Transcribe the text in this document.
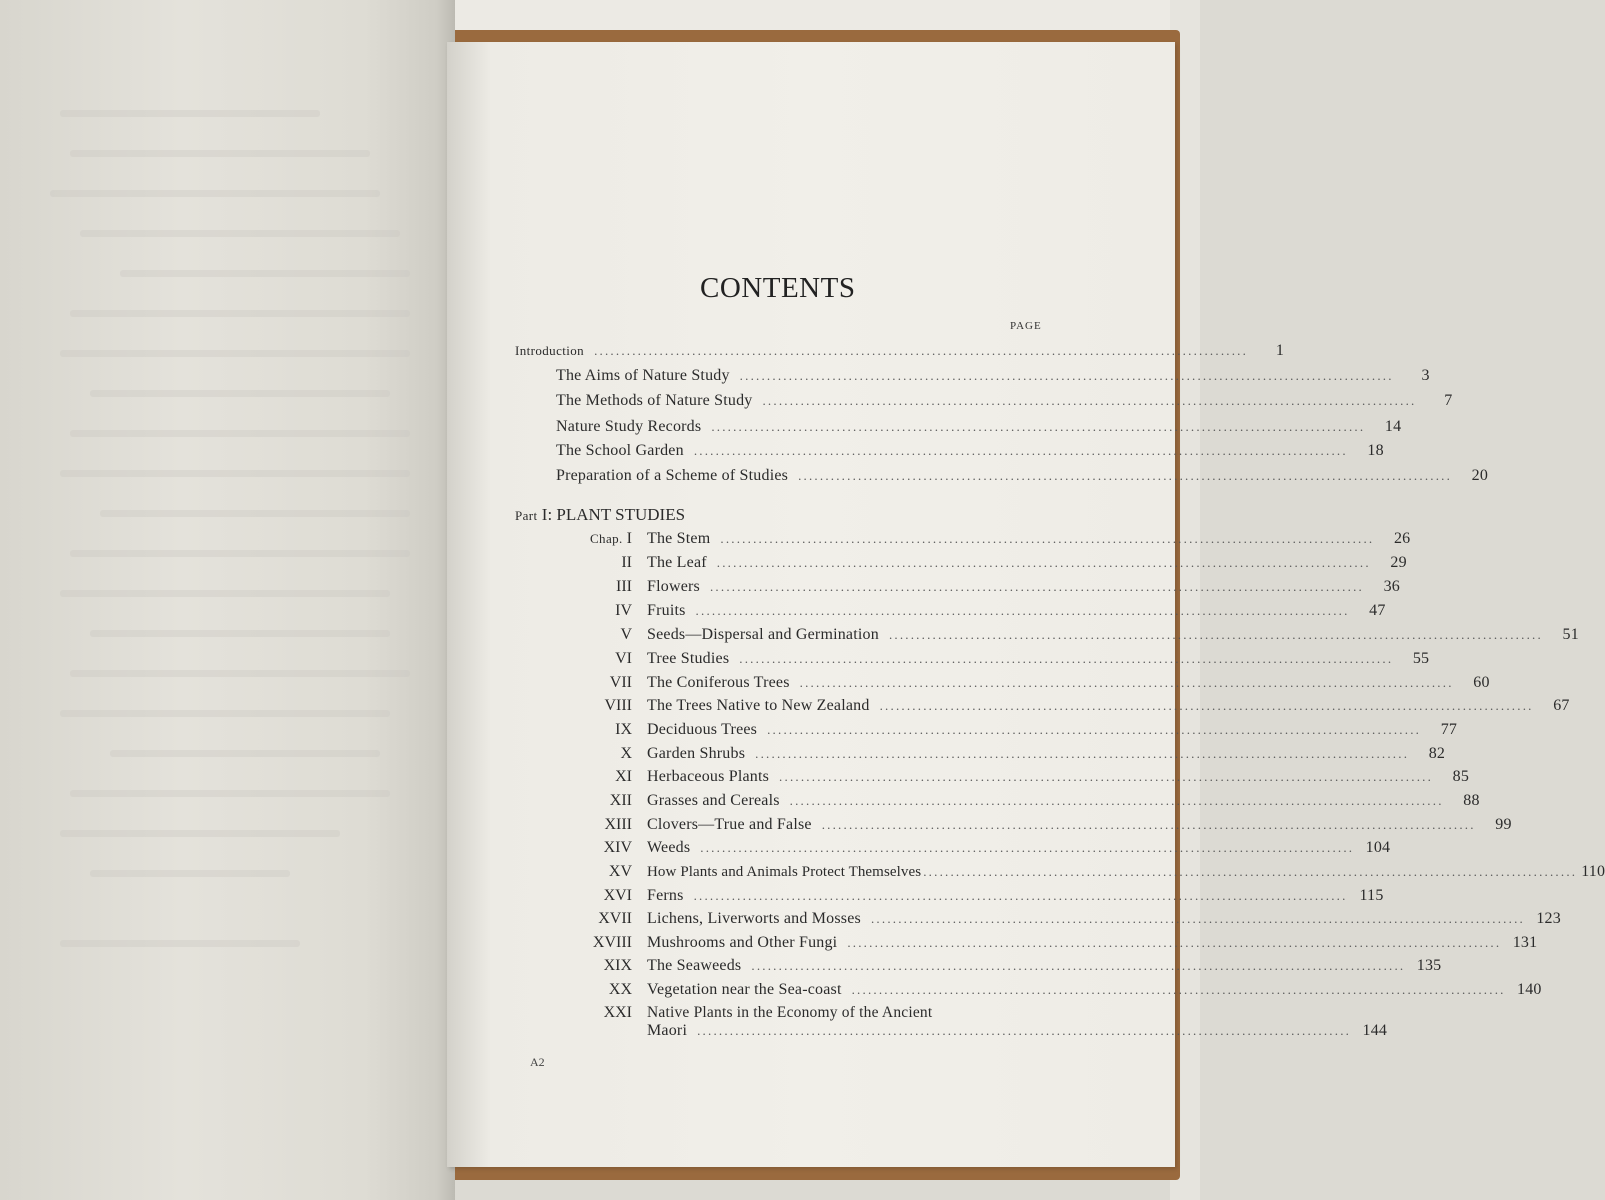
CONTENTS
PAGE
Introduction ........................................................................................................................	1
The Aims of Nature Study ........................................................................................................................	3
The Methods of Nature Study ........................................................................................................................	7
Nature Study Records ........................................................................................................................	14
The School Garden ........................................................................................................................	18
Preparation of a Scheme of Studies ........................................................................................................................	20
Part I: PLANT STUDIES
Chap. I The Stem ........................................................................................................................	26
II The Leaf ........................................................................................................................	29
III Flowers ........................................................................................................................	36
IV Fruits ........................................................................................................................	47
V Seeds—Dispersal and Germination ........................................................................................................................	51
VI Tree Studies ........................................................................................................................	55
VII The Coniferous Trees ........................................................................................................................	60
VIII The Trees Native to New Zealand ........................................................................................................................	67
IX Deciduous Trees ........................................................................................................................	77
X Garden Shrubs ........................................................................................................................	82
XI Herbaceous Plants ........................................................................................................................	85
XII Grasses and Cereals ........................................................................................................................	88
XIII Clovers—True and False ........................................................................................................................	99
XIV Weeds ........................................................................................................................ 104
XV How Plants and Animals Protect Themselves ........................................................................................................................ 110
XVI Ferns ........................................................................................................................ 115
XVII Lichens, Liverworts and Mosses ........................................................................................................................ 123
XVIII Mushrooms and Other Fungi ........................................................................................................................ 131
XIX The Seaweeds ........................................................................................................................ 135
XX Vegetation near the Sea-coast ........................................................................................................................ 140
XXI Native Plants in the Economy of the Ancient
Maori ........................................................................................................................ 144
A2
